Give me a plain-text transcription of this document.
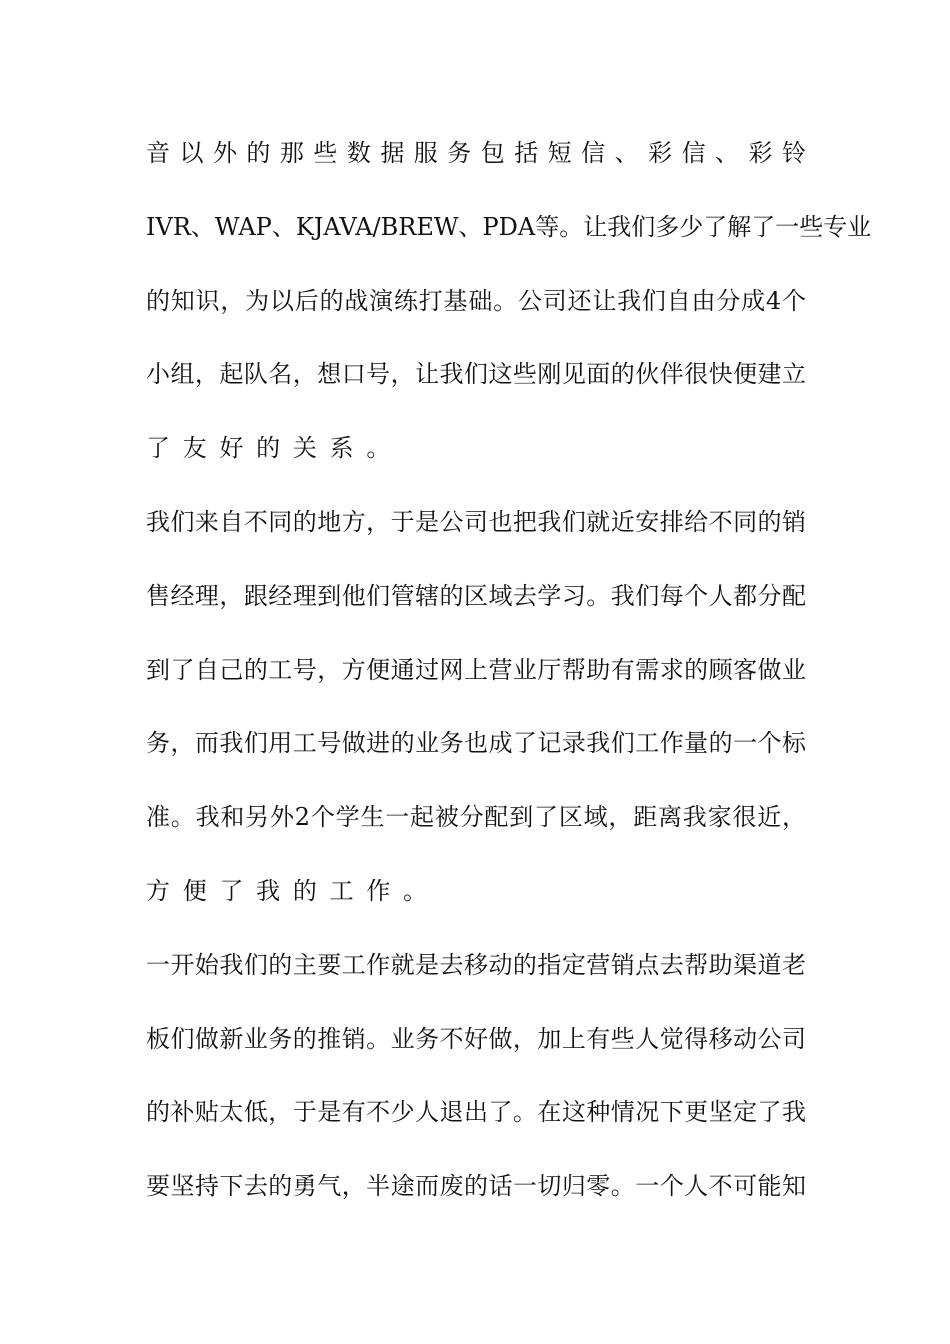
音以外的那些数据服务包括短信、彩信、彩铃
IVR、WAP、KJAVA/BREW、PDA等。让我们多少了解了一些专业
的知识，为以后的战演练打基础。公司还让我们自由分成4个
小组，起队名，想口号，让我们这些刚见面的伙伴很快便建立
了友好的关系。
我们来自不同的地方，于是公司也把我们就近安排给不同的销
售经理，跟经理到他们管辖的区域去学习。我们每个人都分配
到了自己的工号，方便通过网上营业厅帮助有需求的顾客做业
务，而我们用工号做进的业务也成了记录我们工作量的一个标
准。我和另外2个学生一起被分配到了区域，距离我家很近，
方便了我的工作。
一开始我们的主要工作就是去移动的指定营销点去帮助渠道老
板们做新业务的推销。业务不好做，加上有些人觉得移动公司
的补贴太低，于是有不少人退出了。在这种情况下更坚定了我
要坚持下去的勇气，半途而废的话一切归零。一个人不可能知
